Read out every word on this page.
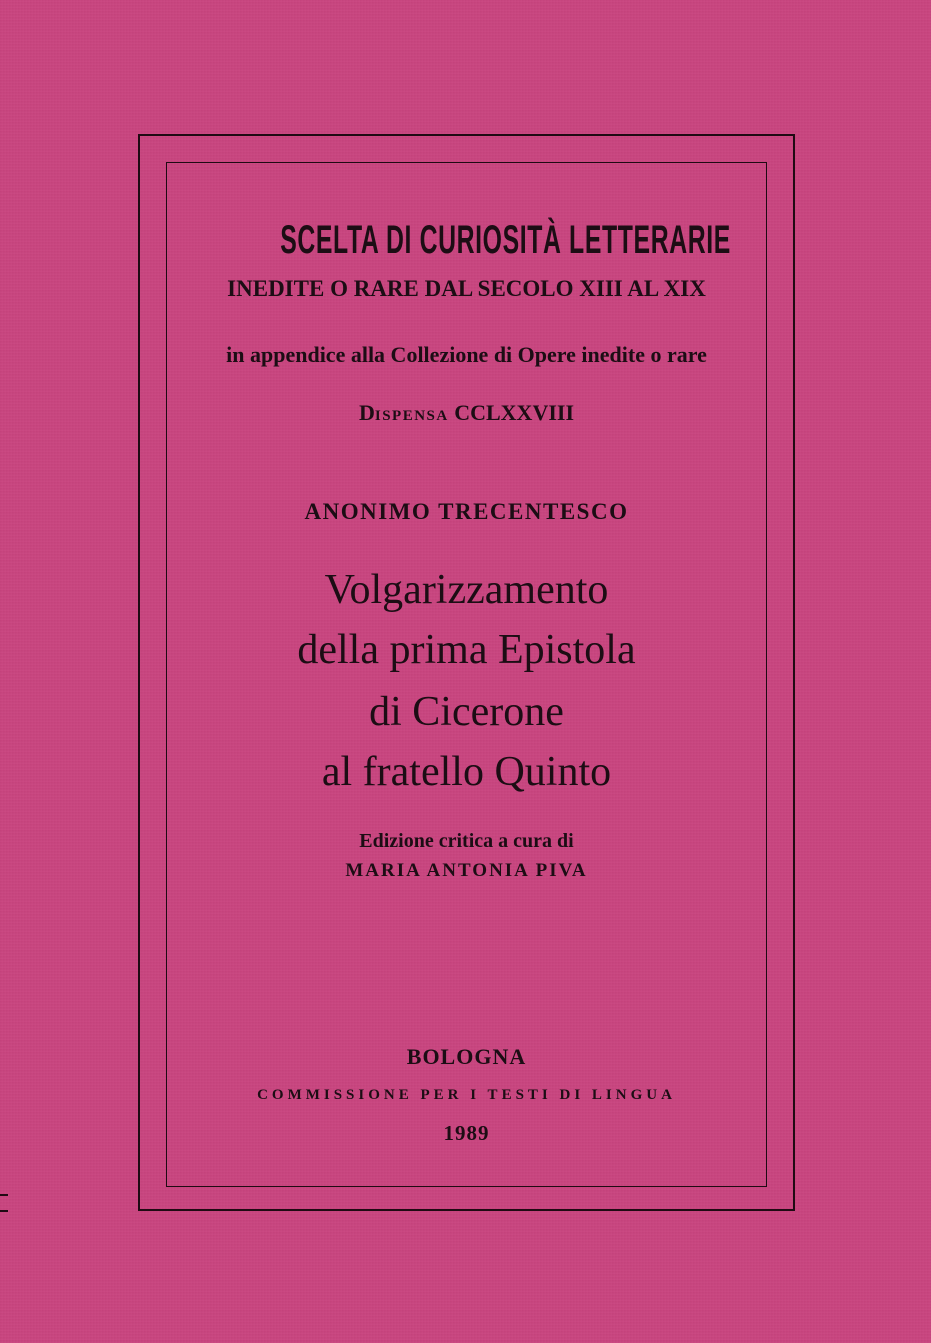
SCELTA DI CURIOSITÀ LETTERARIE

INEDITE O RARE DAL SECOLO XIII AL XIX

in appendice alla Collezione di Opere inedite o rare

DISPENSA CCLXXVIII

ANONIMO TRECENTESCO

Volgarizzamento

della prima Epistola

di Cicerone

al fratello Quinto

Edizione critica a cura di

MARIA ANTONIA PIVA

BOLOGNA

COMMISSIONE PER I TESTI DI LINGUA

1989
